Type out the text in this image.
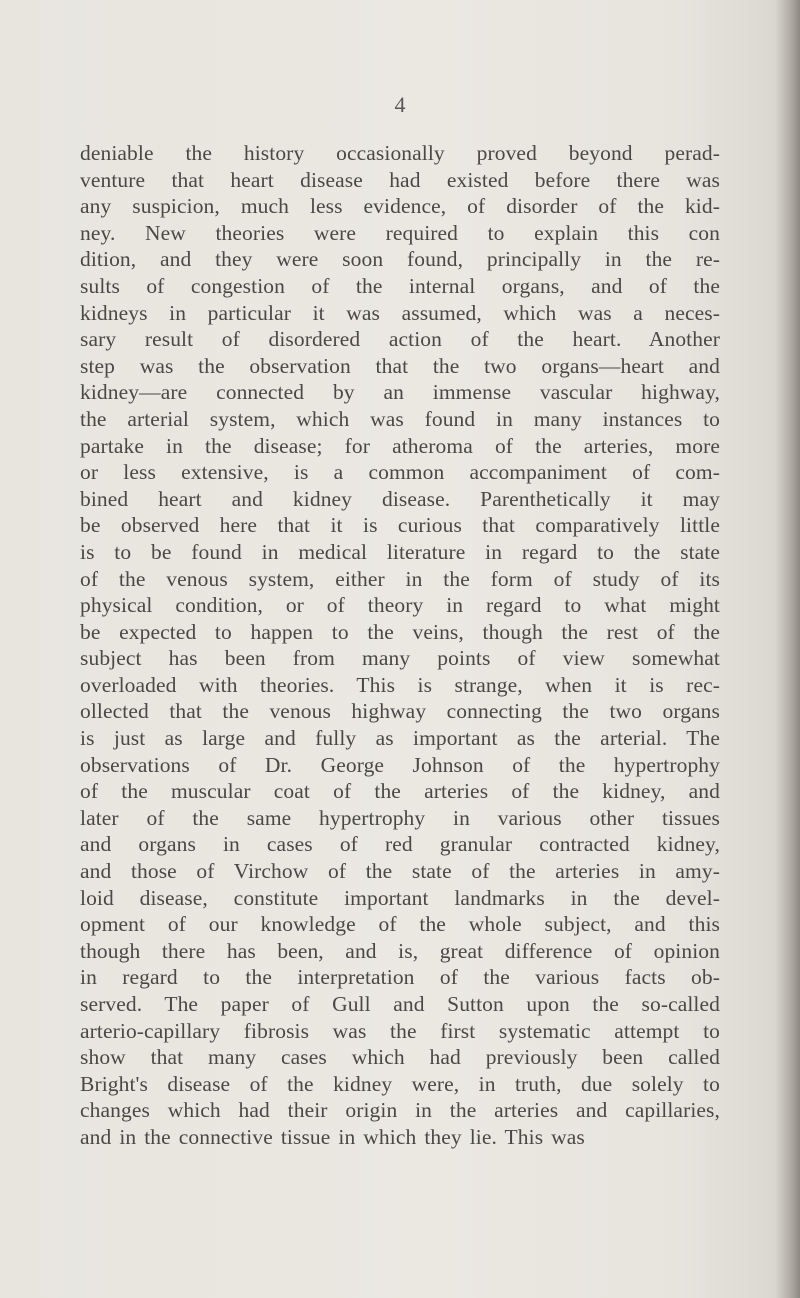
4
deniable the history occasionally proved beyond perad-
venture that heart disease had existed before there was
any suspicion, much less evidence, of disorder of the kid-
ney. New theories were required to explain this con
dition, and they were soon found, principally in the re-
sults of congestion of the internal organs, and of the
kidneys in particular it was assumed, which was a neces-
sary result of disordered action of the heart. Another
step was the observation that the two organs—heart and
kidney—are connected by an immense vascular highway,
the arterial system, which was found in many instances to
partake in the disease; for atheroma of the arteries, more
or less extensive, is a common accompaniment of com-
bined heart and kidney disease. Parenthetically it may
be observed here that it is curious that comparatively little
is to be found in medical literature in regard to the state
of the venous system, either in the form of study of its
physical condition, or of theory in regard to what might
be expected to happen to the veins, though the rest of the
subject has been from many points of view somewhat
overloaded with theories. This is strange, when it is rec-
ollected that the venous highway connecting the two organs
is just as large and fully as important as the arterial. The
observations of Dr. George Johnson of the hypertrophy
of the muscular coat of the arteries of the kidney, and
later of the same hypertrophy in various other tissues
and organs in cases of red granular contracted kidney,
and those of Virchow of the state of the arteries in amy-
loid disease, constitute important landmarks in the devel-
opment of our knowledge of the whole subject, and this
though there has been, and is, great difference of opinion
in regard to the interpretation of the various facts ob-
served. The paper of Gull and Sutton upon the so-called
arterio-capillary fibrosis was the first systematic attempt to
show that many cases which had previously been called
Bright's disease of the kidney were, in truth, due solely to
changes which had their origin in the arteries and capillaries,
and in the connective tissue in which they lie. This was
